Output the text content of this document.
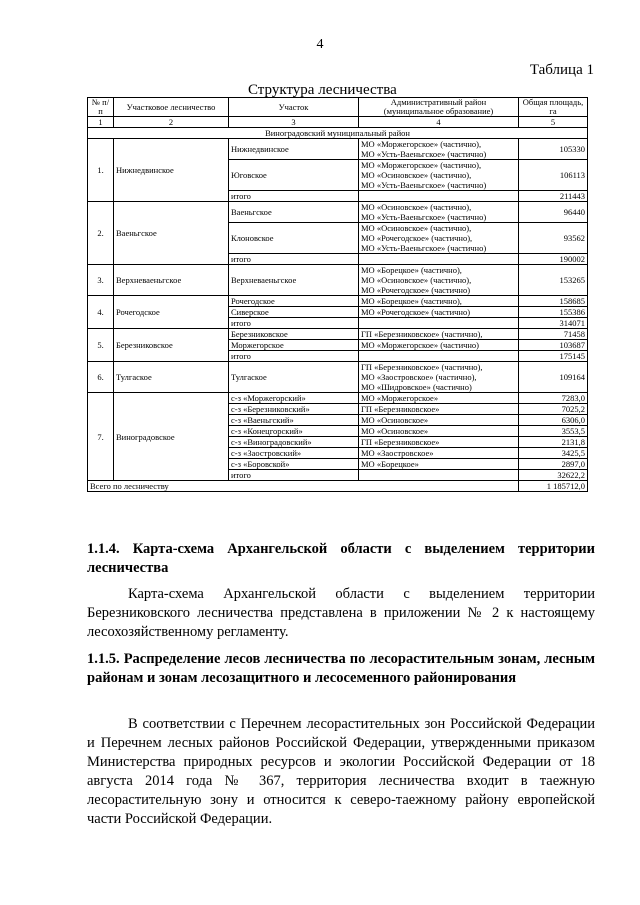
4
Таблица 1
Структура лесничества
№ п/п	Участковое лесничество	Участок	Административный район (муниципальное образование)	Общая площадь, га
1	2	3	4	5
Виноградовский муниципальный район				
1.	Нижнедвинское	Нижнедвинское	МО «Моржегорское» (частично),
МО «Усть-Ваеньгское» (частично)	105330
		Юговское	МО «Моржегорское» (частично),
МО «Осиновское» (частично),
МО «Усть-Ваеньгское» (частично)	106113
		итого		211443
2.	Ваеньгское	Ваеньгское	МО «Осиновское» (частично),
МО «Усть-Ваеньгское» (частично)	96440
		Клоновское	МО «Осиновское» (частично),
МО «Рочегодское» (частично),
МО «Усть-Ваеньгское» (частично)	93562
		итого		190002
3.	Верхневаеньгское	Верхневаеньгское	МО «Борецкое» (частично),
МО «Осиновское» (частично),
МО «Рочегодское» (частично)	153265
4.	Рочегодское	Рочегодское	МО «Борецкое» (частично),	158685
		Сиверское	МО «Рочегодское» (частично)	155386
		итого		314071
5.	Березниковское	Березниковское	ГП «Березниковское» (частично),	71458
		Моржегорское	МО «Моржегорское» (частично)	103687
		итого		175145
6.	Тулгаское	Тулгаское	ГП «Березниковское» (частично),
МО «Заостровское» (частично),
МО «Шидровское» (частично)	109164
7.	Виноградовское	с-з «Моржегорский»	МО «Моржегорское»	7283,0
		с-з «Березниковский»	ГП «Березниковское»	7025,2
		с-з «Ваеньгский»	МО «Осиновское»	6306,0
		с-з «Конецгорский»	МО «Осиновское»	3553,5
		с-з «Виноградовский»	ГП «Березниковское»	2131,8
		с-з «Заостровский»	МО «Заостровское»	3425,5
		с-з «Боровской»	МО «Борецкое»	2897,0
		итого		32622,2
Всего по лесничеству				1 185712,0
1.1.4. Карта-схема Архангельской области с выделением территории лесничества

Карта-схема Архангельской области с выделением территории Березниковского лесничества представлена в приложении № 2 к настоящему лесохозяйственному регламенту.

1.1.5. Распределение лесов лесничества по лесорастительным зонам, лесным районам и зонам лесозащитного и лесосеменного районирования

В соответствии с Перечнем лесорастительных зон Российской Федерации и Перечнем лесных районов Российской Федерации, утвержденными приказом Министерства природных ресурсов и экологии Российской Федерации от 18 августа 2014 года № 367, территория лесничества входит в таежную лесорастительную зону и относится к северо-таежному району европейской части Российской Федерации.
